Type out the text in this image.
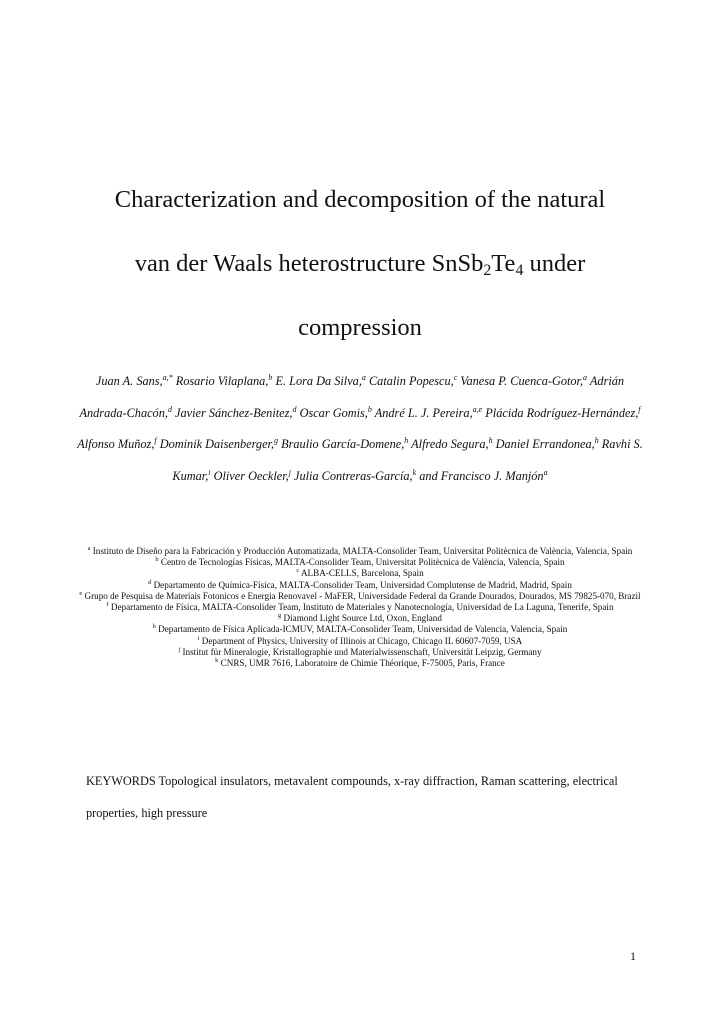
Characterization and decomposition of the natural
van der Waals heterostructure $SnSb_2Te_4$ under
compression
Juan A. Sans,$^{a,*}$ Rosario Vilaplana,$^b$ E. Lora Da Silva,$^a$ Catalin Popescu,$^c$ Vanesa P. Cuenca-Gotor,$^a$ Adrián Andrada-Chacón,$^d$ Javier Sánchez-Benitez,$^d$ Oscar Gomis,$^b$ André L. J. Pereira,$^{a,e}$ Plácida Rodríguez-Hernández,$^f$ Alfonso Muñoz,$^f$ Dominik Daisenberger,$^g$ Braulio García-Domene,$^h$ Alfredo Segura,$^h$ Daniel Errandonea,$^h$ Ravhi S. Kumar,$^i$ Oliver Oeckler,$^j$ Julia Contreras-García,$^k$ and Francisco J. Manjón$^a$
$^a$ Instituto de Diseño para la Fabricación y Producción Automatizada, MALTA-Consolider Team, Universitat Politècnica de València, Valencia, Spain
$^b$ Centro de Tecnologías Físicas, MALTA-Consolider Team, Universitat Politècnica de València, Valencia, Spain
$^c$ ALBA-CELLS, Barcelona, Spain
$^d$ Departamento de Química-Física, MALTA-Consolider Team, Universidad Complutense de Madrid, Madrid, Spain
$^e$ Grupo de Pesquisa de Materiais Fotonicos e Energia Renovavel - MaFER, Universidade Federal da Grande Dourados, Dourados, MS 79825-070, Brazil
$^f$ Departamento de Física, MALTA-Consolider Team, Instituto de Materiales y Nanotecnología, Universidad de La Laguna, Tenerife, Spain
$^g$ Diamond Light Source Ltd, Oxon, England
$^h$ Departamento de Física Aplicada-ICMUV, MALTA-Consolider Team, Universidad de Valencia, Valencia, Spain
$^i$ Department of Physics, University of Illinois at Chicago, Chicago IL 60607-7059, USA
$^j$ Institut für Mineralogie, Kristallographie und Materialwissenschaft, Universität Leipzig, Germany
$^k$ CNRS, UMR 7616, Laboratoire de Chimie Théorique, F-75005, Paris, France
KEYWORDS Topological insulators, metavalent compounds, x-ray diffraction, Raman scattering, electrical properties, high pressure
1
